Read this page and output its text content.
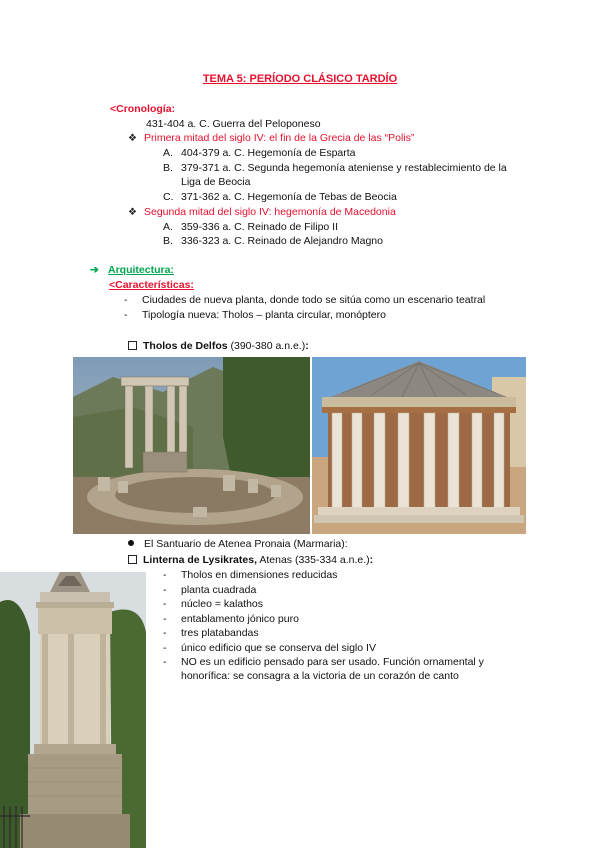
TEMA 5: PERÍODO CLÁSICO TARDÍO
<Cronología:
431-404 a. C. Guerra del Peloponeso
❖ Primera mitad del siglo IV: el fin de la Grecia de las “Polis”
A. 404-379 a. C. Hegemonía de Esparta
B. 379-371 a. C. Segunda hegemonía ateniense y restablecimiento de la
Liga de Beocia
C. 371-362 a. C. Hegemonía de Tebas de Beocia
❖ Segunda mitad del siglo IV: hegemonía de Macedonia
A. 359-336 a. C. Reinado de Filipo II
B. 336-323 a. C. Reinado de Alejandro Magno
➔ Arquitectura:
<Características:
- Ciudades de nueva planta, donde todo se sitúa como un escenario teatral
- Tipología nueva: Tholos – planta circular, monóptero
Tholos de Delfos (390-380 a.n.e.):
El Santuario de Atenea Pronaia (Marmaria):
Linterna de Lysikrates, Atenas (335-334 a.n.e.):
- Tholos en dimensiones reducidas
- planta cuadrada
- núcleo = kalathos
- entablamento jónico puro
- tres platabandas
- único edificio que se conserva del siglo IV
- NO es un edificio pensado para ser usado. Función ornamental y
honorífica: se consagra a la victoria de un corazón de canto
